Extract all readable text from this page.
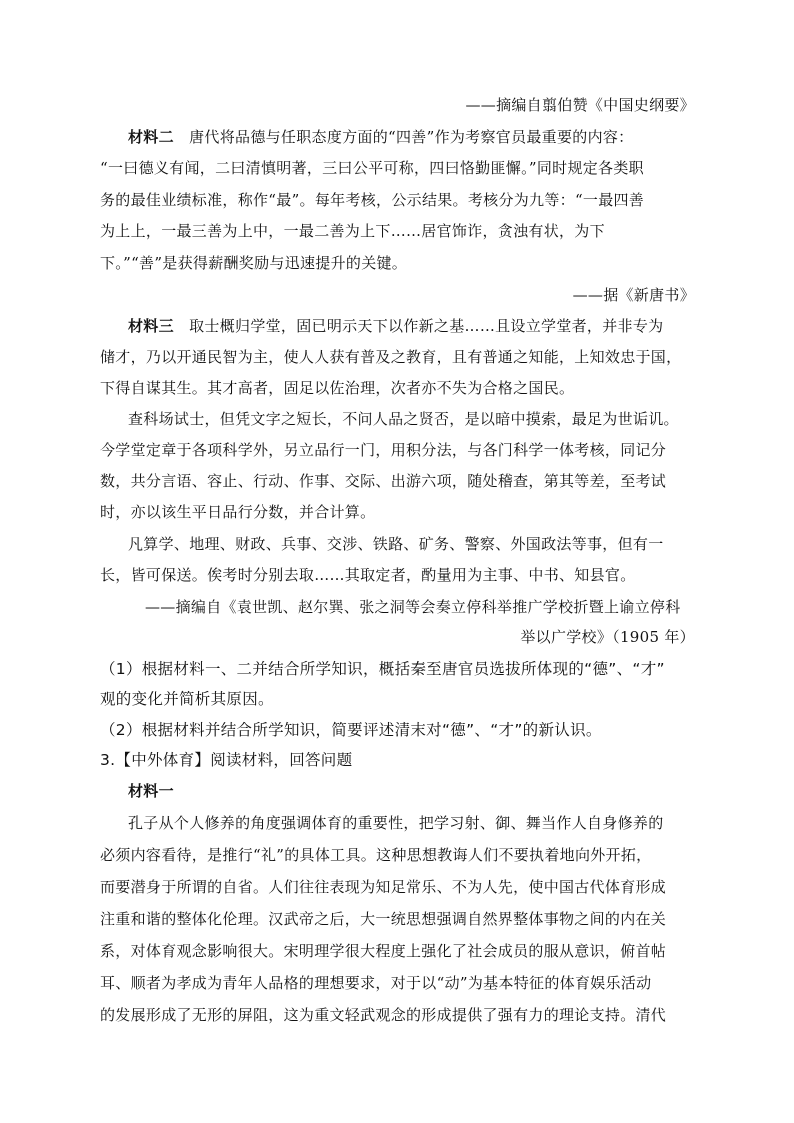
——摘编自翦伯赞《中国史纲要》
材料二 唐代将品德与任职态度方面的“四善”作为考察官员最重要的内容：
“一曰德义有闻，二曰清慎明著，三曰公平可称，四曰恪勤匪懈。”同时规定各类职
务的最佳业绩标准，称作“最”。每年考核，公示结果。考核分为九等：“一最四善
为上上，一最三善为上中，一最二善为上下……居官饰诈，贪浊有状，为下
下。”“善”是获得薪酬奖励与迅速提升的关键。
——据《新唐书》
材料三 取士概归学堂，固已明示天下以作新之基……且设立学堂者，并非专为
储才，乃以开通民智为主，使人人获有普及之教育，且有普通之知能，上知效忠于国，
下得自谋其生。其才高者，固足以佐治理，次者亦不失为合格之国民。
查科场试士，但凭文字之短长，不问人品之贤否，是以暗中摸索，最足为世诟讥。
今学堂定章于各项科学外，另立品行一门，用积分法，与各门科学一体考核，同记分
数，共分言语、容止、行动、作事、交际、出游六项，随处稽查，第其等差，至考试
时，亦以该生平日品行分数，并合计算。
凡算学、地理、财政、兵事、交涉、铁路、矿务、警察、外国政法等事，但有一
长，皆可保送。俟考时分别去取……其取定者，酌量用为主事、中书、知县官。
——摘编自《袁世凯、赵尔巽、张之洞等会奏立停科举推广学校折暨上谕立停科
举以广学校》（1905 年）
（1）根据材料一、二并结合所学知识，概括秦至唐官员选拔所体现的“德”、“才”
观的变化并简析其原因。
（2）根据材料并结合所学知识，简要评述清末对“德”、“才”的新认识。
3.【中外体育】阅读材料，回答问题
材料一
孔子从个人修养的角度强调体育的重要性，把学习射、御、舞当作人自身修养的
必须内容看待，是推行“礼”的具体工具。这种思想教诲人们不要执着地向外开拓，
而要潜身于所谓的自省。人们往往表现为知足常乐、不为人先，使中国古代体育形成
注重和谐的整体化伦理。汉武帝之后，大一统思想强调自然界整体事物之间的内在关
系，对体育观念影响很大。宋明理学很大程度上强化了社会成员的服从意识，俯首帖
耳、顺者为孝成为青年人品格的理想要求，对于以“动”为基本特征的体育娱乐活动
的发展形成了无形的屏阻，这为重文轻武观念的形成提供了强有力的理论支持。清代
